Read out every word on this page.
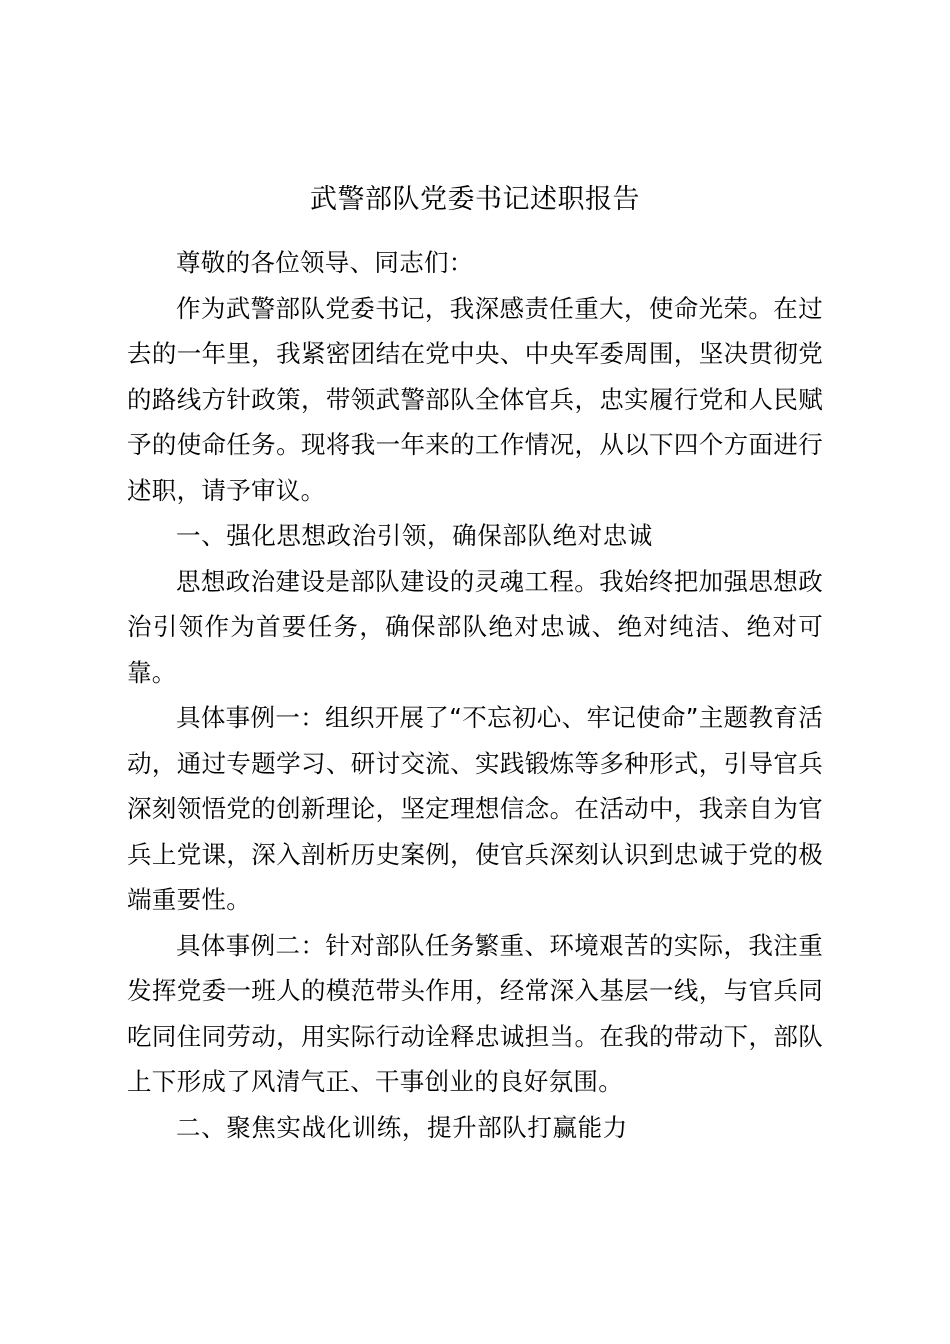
武警部队党委书记述职报告

尊敬的各位领导、同志们：

作为武警部队党委书记，我深感责任重大，使命光荣。在过去的一年里，我紧密团结在党中央、中央军委周围，坚决贯彻党的路线方针政策，带领武警部队全体官兵，忠实履行党和人民赋予的使命任务。现将我一年来的工作情况，从以下四个方面进行述职，请予审议。

一、强化思想政治引领，确保部队绝对忠诚

思想政治建设是部队建设的灵魂工程。我始终把加强思想政治引领作为首要任务，确保部队绝对忠诚、绝对纯洁、绝对可靠。

具体事例一：组织开展了“不忘初心、牢记使命”主题教育活动，通过专题学习、研讨交流、实践锻炼等多种形式，引导官兵深刻领悟党的创新理论，坚定理想信念。在活动中，我亲自为官兵上党课，深入剖析历史案例，使官兵深刻认识到忠诚于党的极端重要性。

具体事例二：针对部队任务繁重、环境艰苦的实际，我注重发挥党委一班人的模范带头作用，经常深入基层一线，与官兵同吃同住同劳动，用实际行动诠释忠诚担当。在我的带动下，部队上下形成了风清气正、干事创业的良好氛围。

二、聚焦实战化训练，提升部队打赢能力
